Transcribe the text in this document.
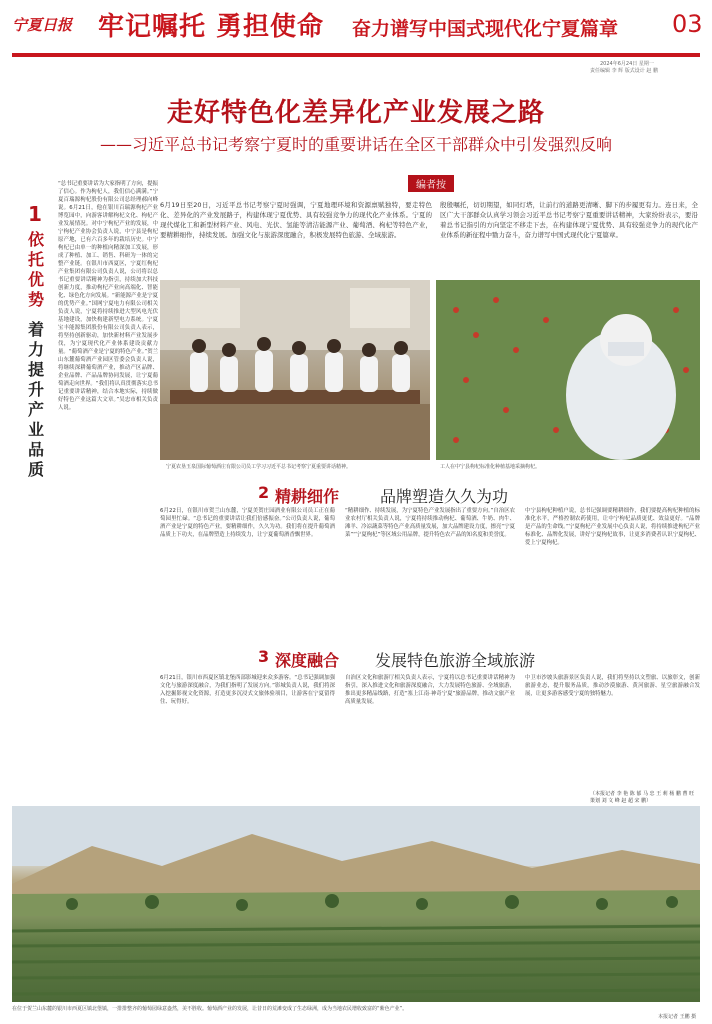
宁夏日报 牢记嘱托 勇担使命 奋力谱写中国式现代化宁夏篇章 03
2024年6月24日 星期一
责任编辑 李 辉 版式设计 赵 鹏
走好特色化差异化产业发展之路
——习近平总书记考察宁夏时的重要讲话在全区干部群众中引发强烈反响
编者按
6月19日至20日，习近平总书记考察宁夏时强调，宁夏地理环境和资源禀赋独特，要走特色化、差异化的产业发展路子，构建体现宁夏优势、具有较强竞争力的现代化产业体系。宁夏的现代煤化工和新型材料产业、风电、光伏、氢能等清洁能源产业、葡萄酒、枸杞等特色产业，要精耕细作，持续发展。加强文化与旅游深度融合，积极发展特色旅游、全域旅游。
殷殷嘱托，切切期望，如同灯塔，让前行的道路更清晰、脚下的步履更有力。连日来，全区广大干部群众认真学习领会习近平总书记考察宁夏重要讲话精神，大家纷纷表示，要沿着总书记指引的方向坚定不移走下去，在构建体现宁夏优势、具有较强竞争力的现代化产业体系的新征程中勠力奋斗，奋力谱写中国式现代化宁夏篇章。
1
依托优势
着力提升产业品质
“总书记重要讲话为大家指明了方向，提振了信心。作为枸杞人，我们信心满满。”宁夏百瑞源枸杞股份有限公司总经理郝向峰说。6月21日，他在银川百瑞源枸杞产业博览园中，向游客讲解枸杞文化、枸杞产业发展情况。对中宁枸杞产业的发展，中宁枸杞产业协会负责人说，中宁县是枸杞原产地，已有六百多年的栽培历史。中宁枸杞已由单一的种植向精深加工发展，形成了种植、加工、销售、科研为一体的完整产业链。在银川市西夏区，宁夏红枸杞产业集团有限公司负责人说，公司将以总书记重要讲话精神为指引，持续加大科技创新力度，推动枸杞产业向高端化、智能化、绿色化方向发展。“新能源产业是宁夏的优势产业。”国网宁夏电力有限公司相关负责人说，宁夏将持续推进大型风电光伏基地建设，加快构建新型电力系统。宁夏宝丰能源集团股份有限公司负责人表示，将坚持创新驱动，加快新材料产业发展步伐，为宁夏现代化产业体系建设贡献力量。“葡萄酒产业是宁夏的特色产业。”贺兰山东麓葡萄酒产业园区管委会负责人说，将继续深耕葡萄酒产业，推动产区品牌、企业品牌、产品品牌协同发展，让宁夏葡萄酒走向世界。“我们将认真贯彻落实总书记重要讲话精神，结合本地实际，持续做好特色产业这篇大文章。”吴忠市相关负责人说。
宁夏农垦玉泉国际葡萄酒庄有限公司员工学习习近平总书记考察宁夏重要讲话精神。	工人在中宁县枸杞标准化种植基地采摘枸杞。
2 精耕细作	品牌塑造久久为功
6月22日，在银川市贺兰山东麓，宁夏美贺庄园酒业有限公司员工正在葡萄园里忙碌。“总书记的重要讲话让我们倍感振奋。”公司负责人说，葡萄酒产业是宁夏的特色产业，要精耕细作，久久为功。我们将在提升葡萄酒品质上下功夫，在品牌塑造上持续发力，让宁夏葡萄酒香飘世界。
“精耕细作、持续发展，为宁夏特色产业发展指出了重要方向。”自治区农业农村厅相关负责人说，宁夏将持续推动枸杞、葡萄酒、牛奶、肉牛、滩羊、冷凉蔬菜等特色产业高质量发展，加大品牌建设力度，擦亮“宁夏菜”“宁夏枸杞”等区域公用品牌，提升特色农产品的知名度和美誉度。
中宁县枸杞种植户说，总书记强调要精耕细作，我们要提高枸杞种植的标准化水平，严格控制农药使用，让中宁枸杞品质更优、效益更好。“品牌是产品的生命线。”宁夏枸杞产业发展中心负责人说，将持续推进枸杞产业标准化、品牌化发展，讲好宁夏枸杞故事，让更多消费者认识宁夏枸杞、爱上宁夏枸杞。
3 深度融合 发展特色旅游全域旅游
6月21日，银川市西夏区镇北堡西部影城迎来众多游客。“总书记强调加强文化与旅游深度融合，为我们指明了发展方向。”影城负责人说，我们将深入挖掘影视文化资源，打造更多沉浸式文旅体验项目，让游客在宁夏留得住、玩得好。
自治区文化和旅游厅相关负责人表示，宁夏将以总书记重要讲话精神为指引，深入推进文化和旅游深度融合，大力发展特色旅游、全域旅游，推出更多精品线路，打造“塞上江南·神奇宁夏”旅游品牌，推动文旅产业高质量发展。
中卫市沙坡头旅游景区负责人说，我们将坚持以文塑旅、以旅彰文，创新旅游业态，提升服务品质，推动沙漠旅游、黄河旅游、星空旅游融合发展，让更多游客感受宁夏的独特魅力。
（本报记者 李 艳 陈 郁 马 忠 王 莉 杨 鹏 曹 旺 策划 刘 文 峰 赵 超 宋 鹏）
在位于贺兰山东麓的银川市西夏区镇北堡镇，一排排整齐的葡萄园绿意盎然，美不胜收。葡萄酒产业的发展，让昔日的荒滩变成了生态绿洲，成为当地农民增收致富的“紫色产业”。
本报记者 王鹏 摄
